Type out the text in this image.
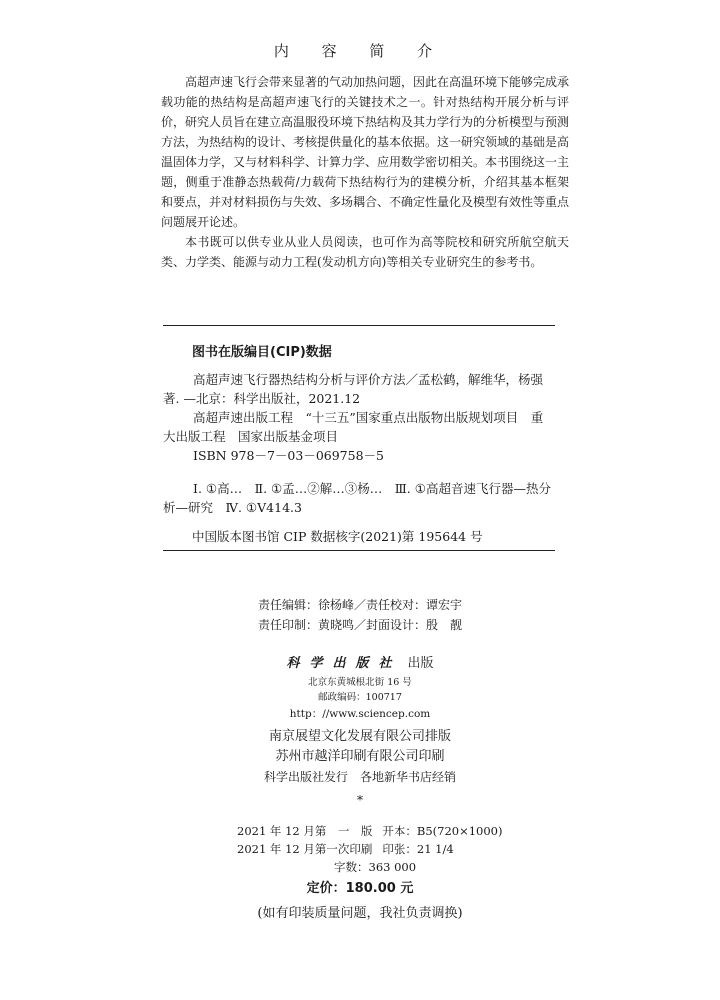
内 容 简 介

高超声速飞行会带来显著的气动加热问题，因此在高温环境下能够完成承载功能的热结构是高超声速飞行的关键技术之一。针对热结构开展分析与评价，研究人员旨在建立高温服役环境下热结构及其力学行为的分析模型与预测方法，为热结构的设计、考核提供量化的基本依据。这一研究领域的基础是高温固体力学，又与材料科学、计算力学、应用数学密切相关。本书围绕这一主题，侧重于准静态热载荷/力载荷下热结构行为的建模分析，介绍其基本框架和要点，并对材料损伤与失效、多场耦合、不确定性量化及模型有效性等重点问题展开论述。

本书既可以供专业从业人员阅读，也可作为高等院校和研究所航空航天类、力学类、能源与动力工程(发动机方向)等相关专业研究生的参考书。

图书在版编目(CIP)数据

高超声速飞行器热结构分析与评价方法／孟松鹤，解维华，杨强著. —北京：科学出版社，2021.12

高超声速出版工程　“十三五”国家重点出版物出版规划项目　重大出版工程　国家出版基金项目

ISBN 978－7－03－069758－5

Ⅰ. ①高…　Ⅱ. ①孟…②解…③杨…　Ⅲ. ①高超音速飞行器—热分析—研究　Ⅳ. ①V414.3

中国版本图书馆 CIP 数据核字(2021)第 195644 号
责任编辑：徐杨峰／责任校对：谭宏宇
责任印制：黄晓鸣／封面设计：殷　靓
科学出版社 出版
北京东黄城根北街 16 号
邮政编码：100717
http：//www.sciencep.com
南京展望文化发展有限公司排版
苏州市越洋印刷有限公司印刷
科学出版社发行　各地新华书店经销
*
2021 年 12 月第　一　版 开本：B5(720×1000)
2021 年 12 月第一次印刷 印张：21 1/4
字数：363 000
定价：180.00 元
(如有印装质量问题，我社负责调换)
